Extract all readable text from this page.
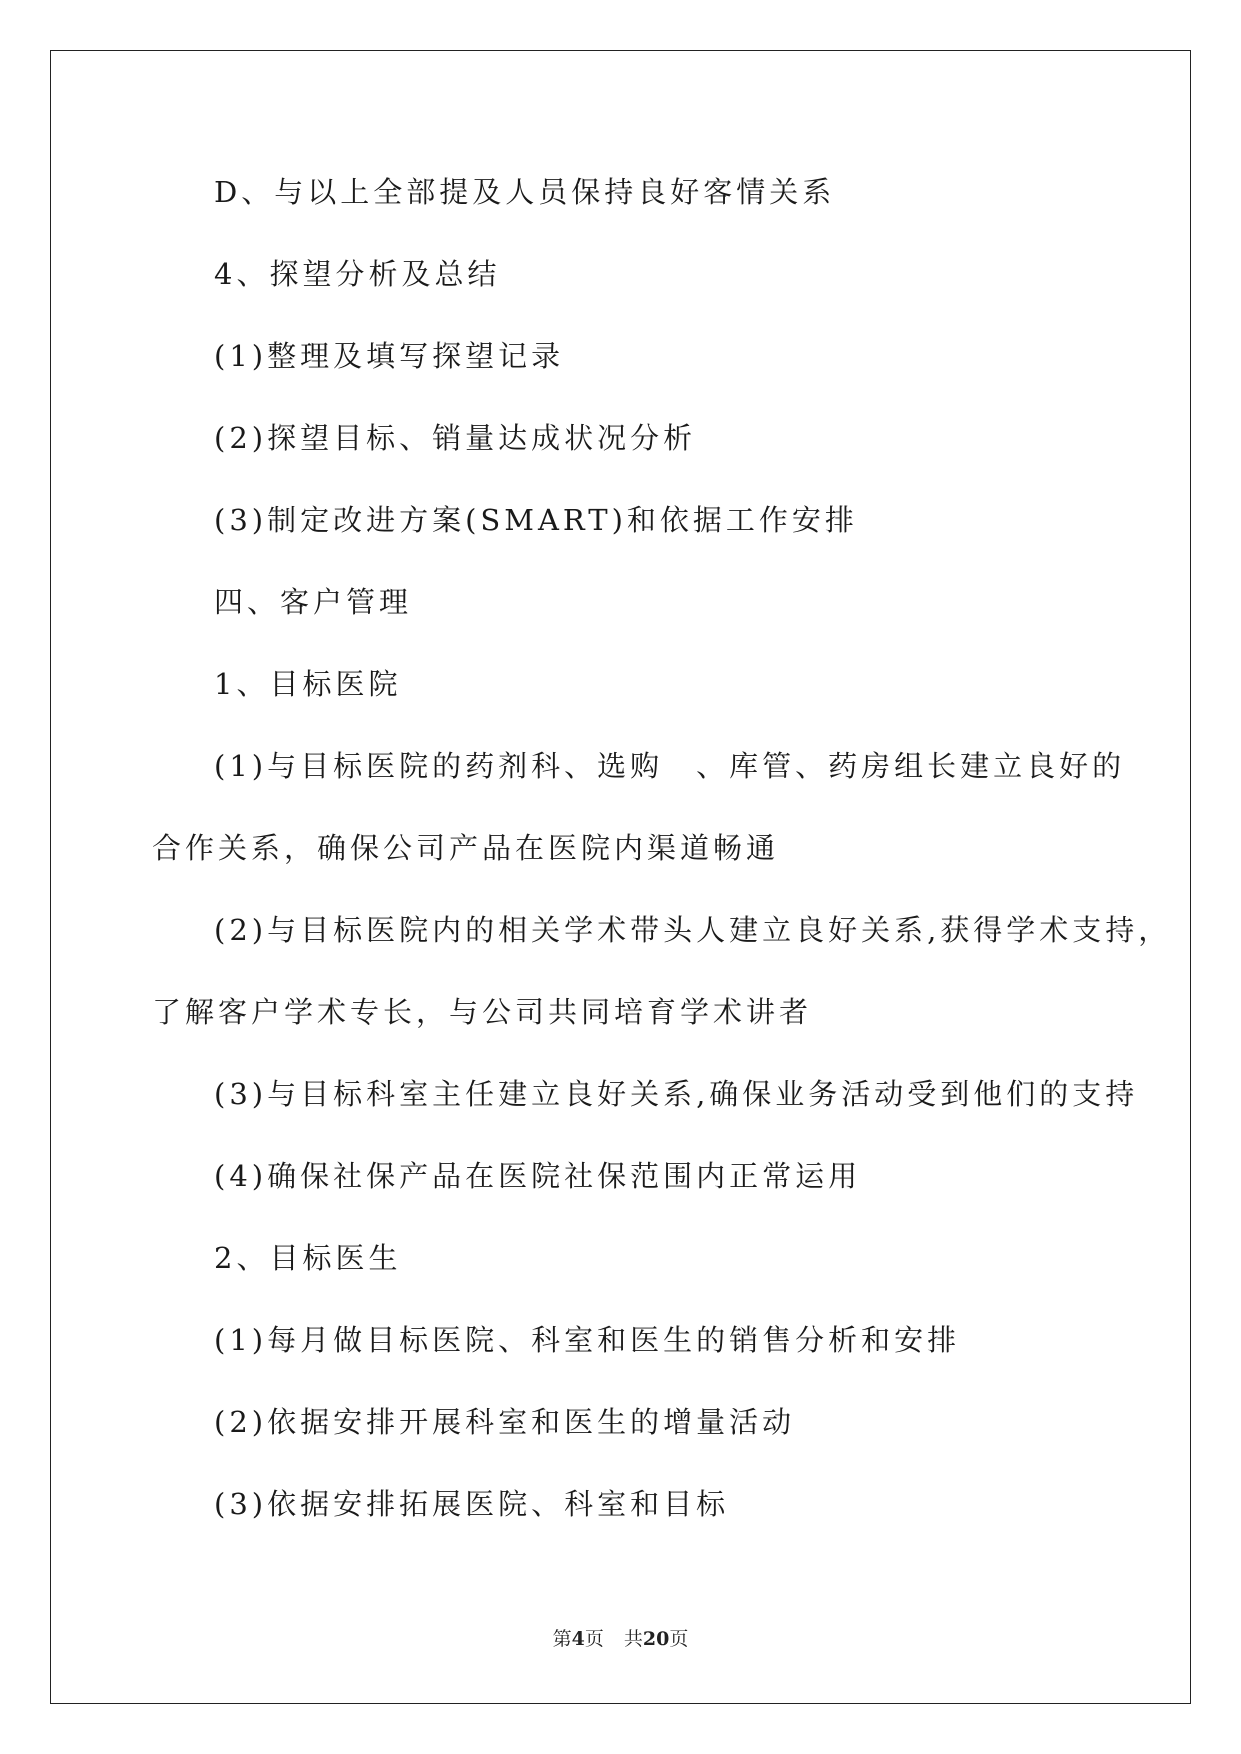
D、与以上全部提及人员保持良好客情关系
4、探望分析及总结
(1)整理及填写探望记录
(2)探望目标、销量达成状况分析
(3)制定改进方案(SMART)和依据工作安排
四、客户管理
1、目标医院
(1)与目标医院的药剂科、选购　、库管、药房组长建立良好的
合作关系，确保公司产品在医院内渠道畅通
(2)与目标医院内的相关学术带头人建立良好关系,获得学术支持，
了解客户学术专长，与公司共同培育学术讲者
(3)与目标科室主任建立良好关系,确保业务活动受到他们的支持
(4)确保社保产品在医院社保范围内正常运用
2、目标医生
(1)每月做目标医院、科室和医生的销售分析和安排
(2)依据安排开展科室和医生的增量活动
(3)依据安排拓展医院、科室和目标
第4页 共20页
